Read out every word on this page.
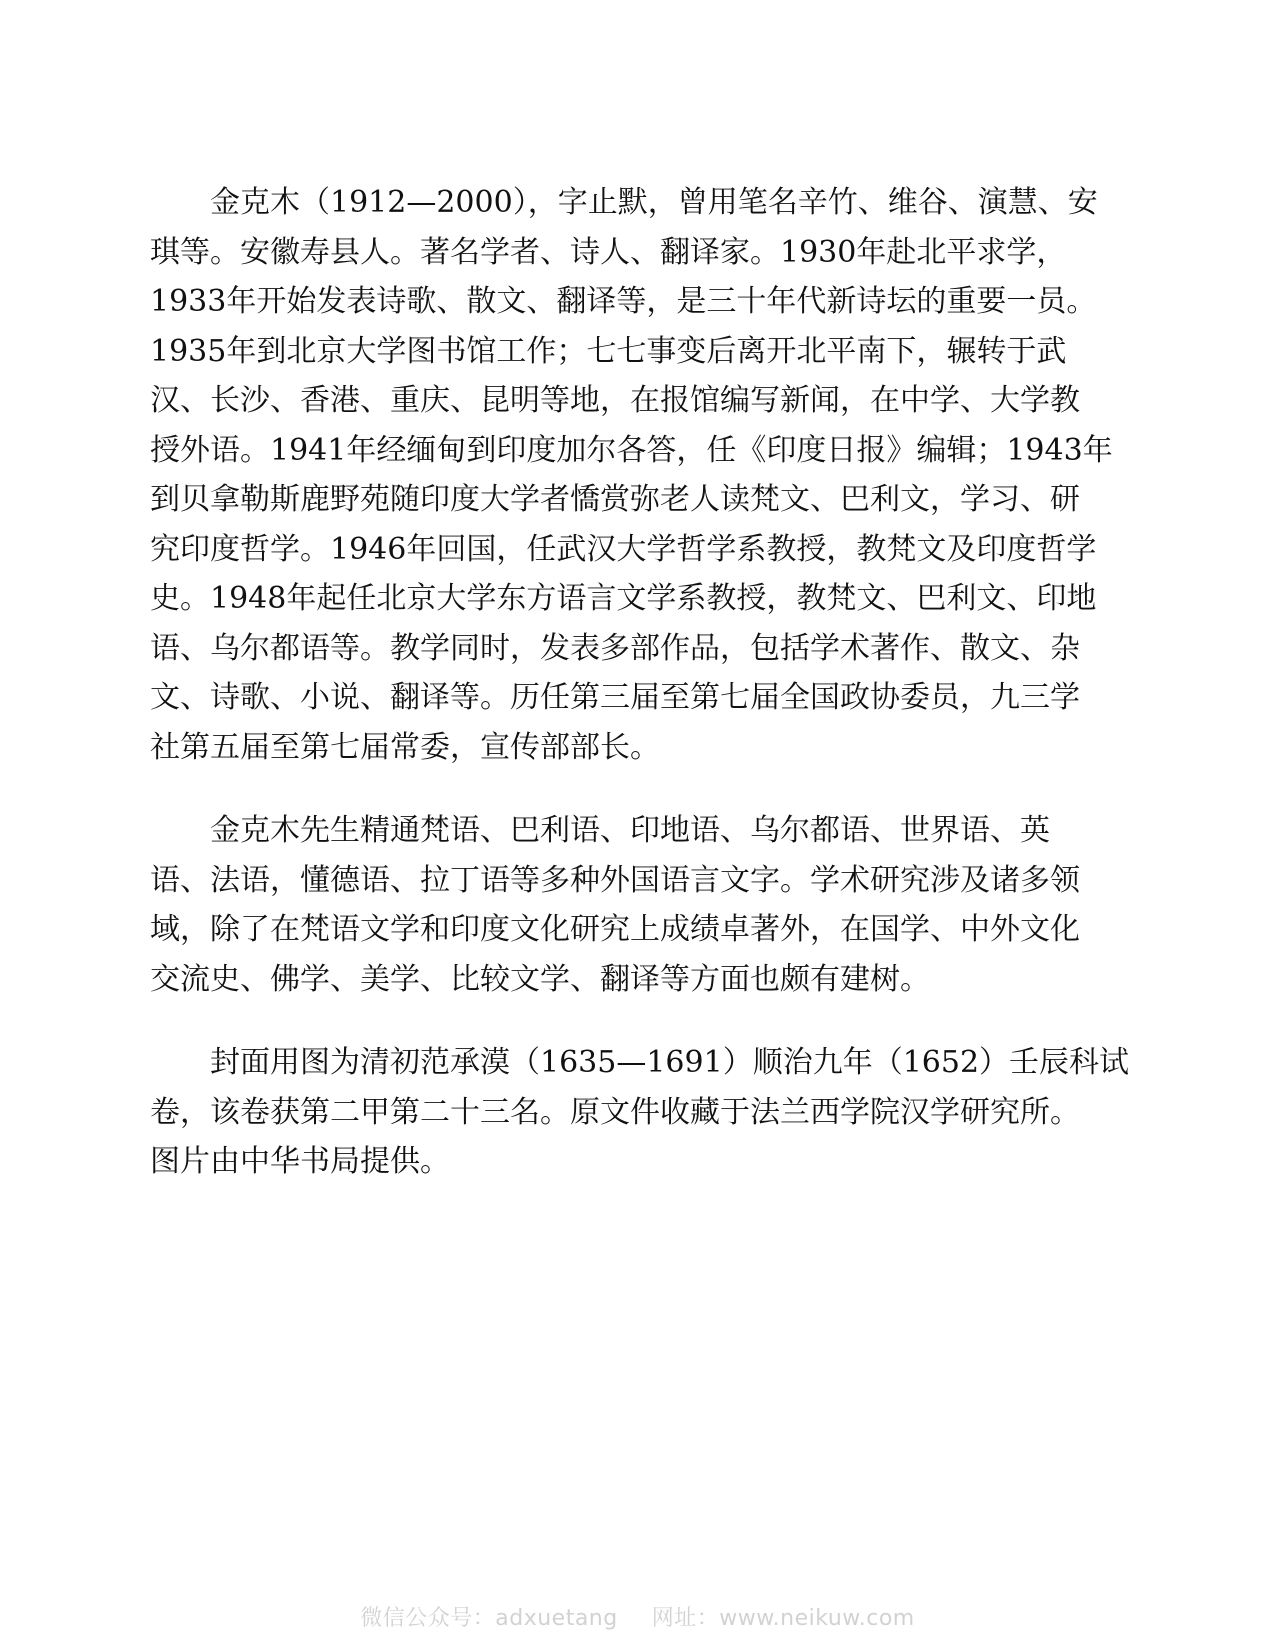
金克木（1912—2000），字止默，曾用笔名辛竹、维谷、演慧、安
琪等。安徽寿县人。著名学者、诗人、翻译家。1930年赴北平求学，
1933年开始发表诗歌、散文、翻译等，是三十年代新诗坛的重要一员。
1935年到北京大学图书馆工作；七七事变后离开北平南下，辗转于武
汉、长沙、香港、重庆、昆明等地，在报馆编写新闻，在中学、大学教
授外语。1941年经缅甸到印度加尔各答，任《印度日报》编辑；1943年
到贝拿勒斯鹿野苑随印度大学者憍赏弥老人读梵文、巴利文，学习、研
究印度哲学。1946年回国，任武汉大学哲学系教授，教梵文及印度哲学
史。1948年起任北京大学东方语言文学系教授，教梵文、巴利文、印地
语、乌尔都语等。教学同时，发表多部作品，包括学术著作、散文、杂
文、诗歌、小说、翻译等。历任第三届至第七届全国政协委员，九三学
社第五届至第七届常委，宣传部部长。

金克木先生精通梵语、巴利语、印地语、乌尔都语、世界语、英
语、法语，懂德语、拉丁语等多种外国语言文字。学术研究涉及诸多领
域，除了在梵语文学和印度文化研究上成绩卓著外，在国学、中外文化
交流史、佛学、美学、比较文学、翻译等方面也颇有建树。

封面用图为清初范承漠（1635—1691）顺治九年（1652）壬辰科试
卷，该卷获第二甲第二十三名。原文件收藏于法兰西学院汉学研究所。
图片由中华书局提供。

微信公众号：adxuetang 网址：www.neikuw.com
